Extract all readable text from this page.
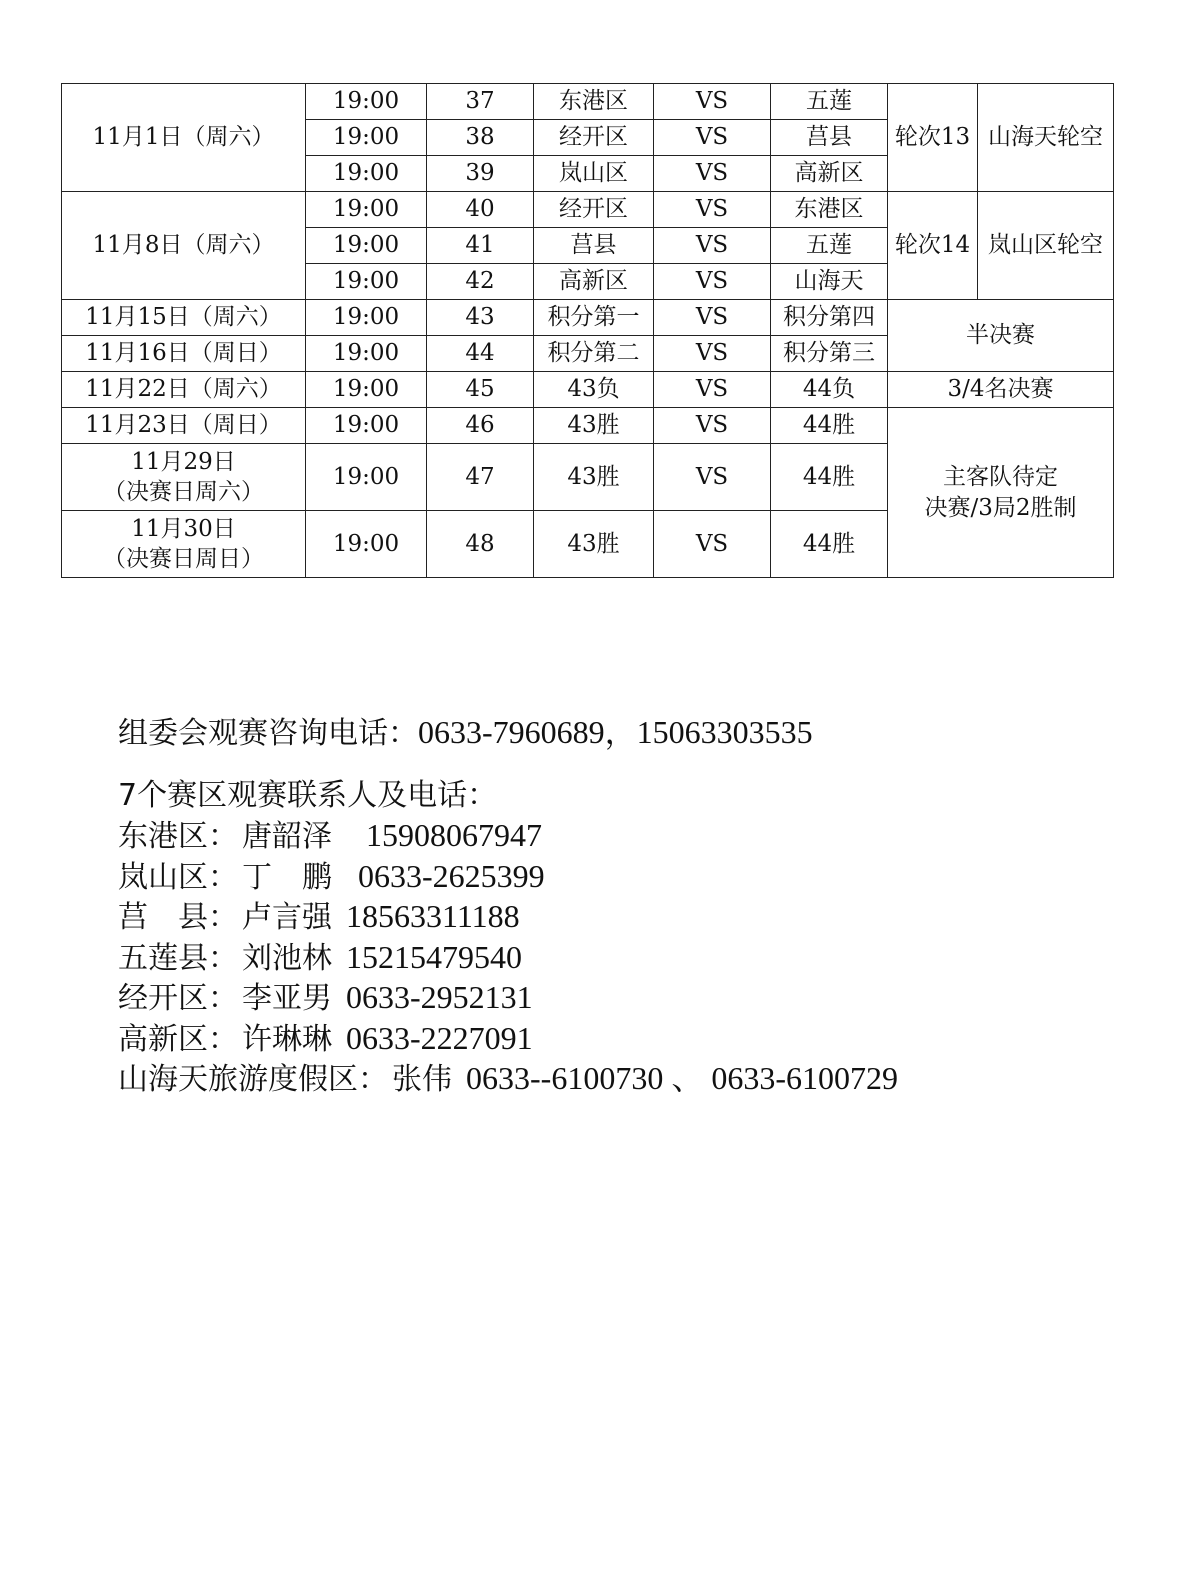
11月1日（周六）	19:00	37	东港区	VS	五莲	轮次13	山海天轮空
	19:00	38	经开区	VS	莒县		
	19:00	39	岚山区	VS	高新区		
11月8日（周六）	19:00	40	经开区	VS	东港区	轮次14	岚山区轮空
	19:00	41	莒县	VS	五莲		
	19:00	42	高新区	VS	山海天		
11月15日（周六）	19:00	43	积分第一	VS	积分第四	半决赛	
11月16日（周日）	19:00	44	积分第二	VS	积分第三		
11月22日（周六）	19:00	45	43负	VS	44负	3/4名决赛	
11月23日（周日）	19:00	46	43胜	VS	44胜	主客队待定
决赛/3局2胜制	

11月29日
（决赛日周六）	19:00	47	43胜	VS	44胜		

11月30日
（决赛日周日）	19:00	48	43胜	VS	44胜		
组委会观赛咨询电话：0633-7960689，15063303535
7个赛区观赛联系人及电话：
东港区： 唐韶泽 15908067947
岚山区： 丁　鹏 0633-2625399
莒　县： 卢言强 18563311188
五莲县： 刘池林 15215479540
经开区： 李亚男 0633-2952131
高新区： 许琳琳 0633-2227091
山海天旅游度假区： 张伟 0633--6100730 、 0633-6100729
